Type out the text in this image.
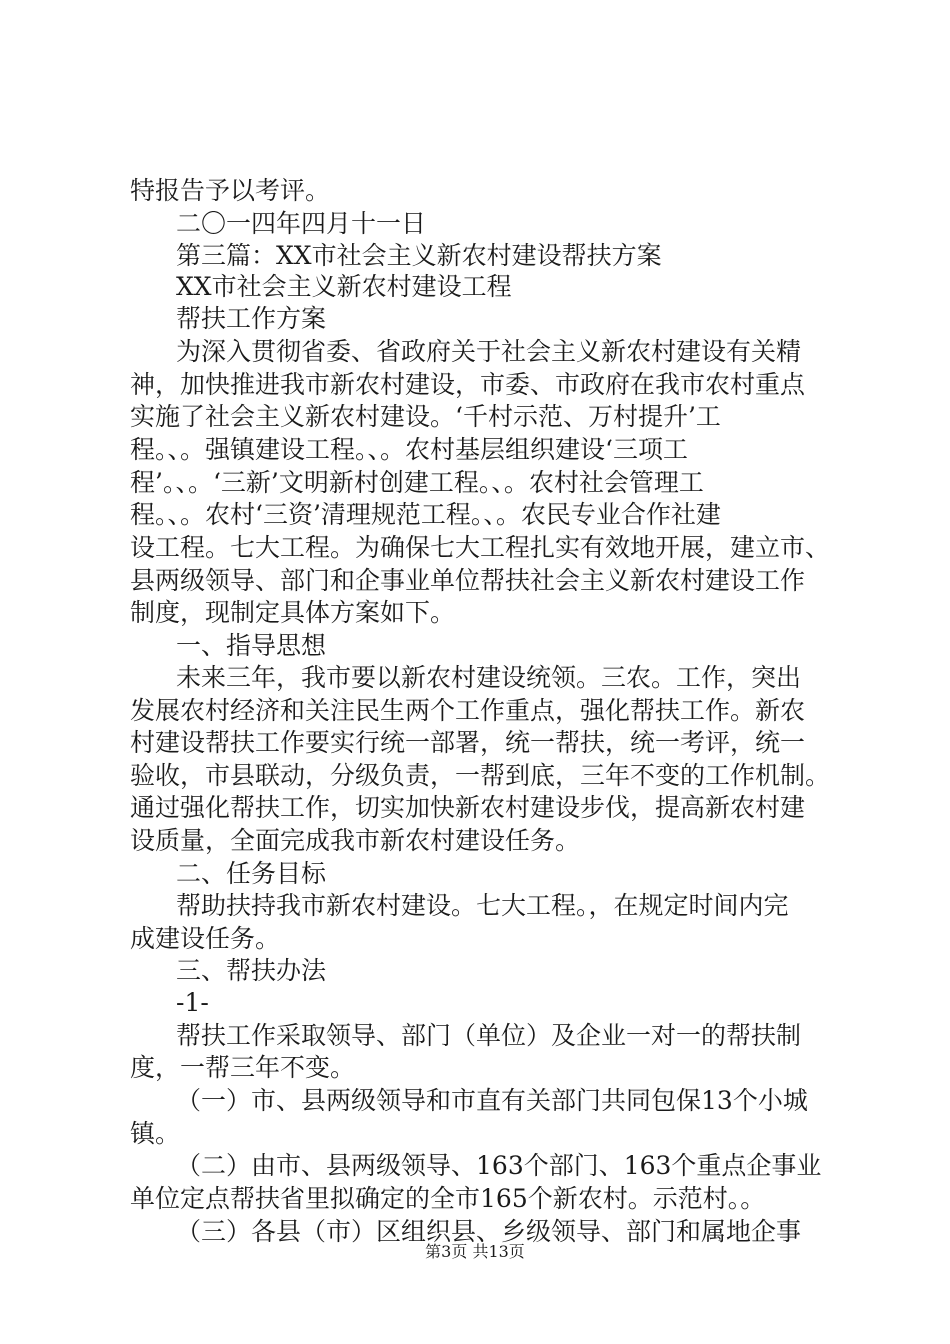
特报告予以考评。
二〇一四年四月十一日
第三篇：XX市社会主义新农村建设帮扶方案
XX市社会主义新农村建设工程
帮扶工作方案
为深入贯彻省委、省政府关于社会主义新农村建设有关精
神，加快推进我市新农村建设，市委、市政府在我市农村重点
实施了社会主义新农村建设。‘千村示范、万村提升’工
程。、。强镇建设工程。、。农村基层组织建设‘三项工
程’。、。‘三新’文明新村创建工程。、。农村社会管理工
程。、。农村‘三资’清理规范工程。、。农民专业合作社建
设工程。七大工程。为确保七大工程扎实有效地开展，建立市、
县两级领导、部门和企事业单位帮扶社会主义新农村建设工作
制度，现制定具体方案如下。
一、指导思想
未来三年，我市要以新农村建设统领。三农。工作，突出
发展农村经济和关注民生两个工作重点，强化帮扶工作。新农
村建设帮扶工作要实行统一部署，统一帮扶，统一考评，统一
验收，市县联动，分级负责，一帮到底，三年不变的工作机制。
通过强化帮扶工作，切实加快新农村建设步伐，提高新农村建
设质量，全面完成我市新农村建设任务。
二、任务目标
帮助扶持我市新农村建设。七大工程。，在规定时间内完
成建设任务。
三、帮扶办法
-1-
帮扶工作采取领导、部门（单位）及企业一对一的帮扶制
度，一帮三年不变。
（一）市、县两级领导和市直有关部门共同包保13个小城
镇。
（二）由市、县两级领导、163个部门、163个重点企事业
单位定点帮扶省里拟确定的全市165个新农村。示范村。。
（三）各县（市）区组织县、乡级领导、部门和属地企事
第3页 共13页
